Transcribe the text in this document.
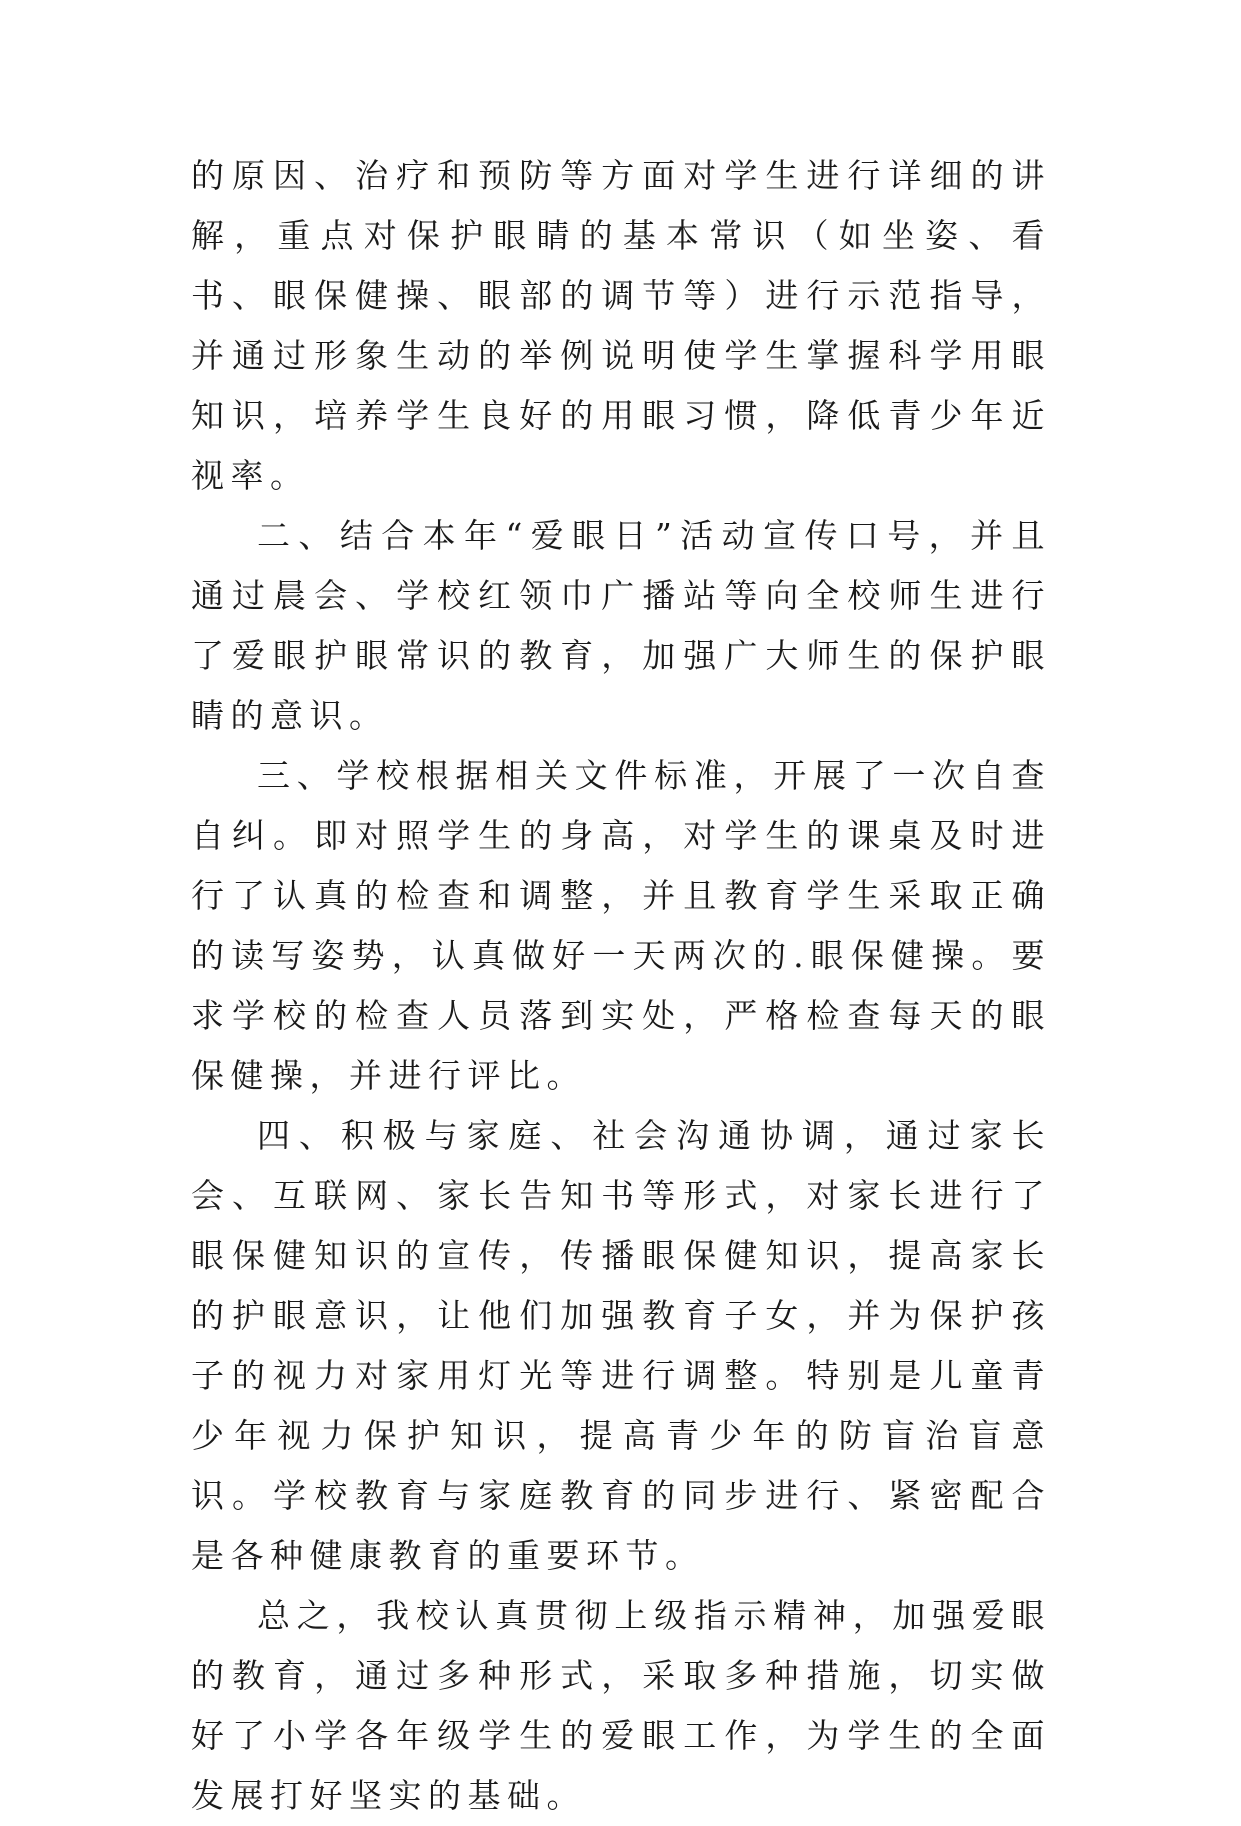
的原因、治疗和预防等方面对学生进行详细的讲解，重点对保护眼睛的基本常识（如坐姿、看书、眼保健操、眼部的调节等）进行示范指导，并通过形象生动的举例说明使学生掌握科学用眼知识，培养学生良好的用眼习惯，降低青少年近视率。

二、结合本年“爱眼日”活动宣传口号，并且通过晨会、学校红领巾广播站等向全校师生进行了爱眼护眼常识的教育，加强广大师生的保护眼睛的意识。

三、学校根据相关文件标准，开展了一次自查自纠。即对照学生的身高，对学生的课桌及时进行了认真的检查和调整，并且教育学生采取正确的读写姿势，认真做好一天两次的.眼保健操。要求学校的检查人员落到实处，严格检查每天的眼保健操，并进行评比。

四、积极与家庭、社会沟通协调，通过家长会、互联网、家长告知书等形式，对家长进行了眼保健知识的宣传，传播眼保健知识，提高家长的护眼意识，让他们加强教育子女，并为保护孩子的视力对家用灯光等进行调整。特别是儿童青少年视力保护知识，提高青少年的防盲治盲意识。学校教育与家庭教育的同步进行、紧密配合是各种健康教育的重要环节。

总之，我校认真贯彻上级指示精神，加强爱眼的教育，通过多种形式，采取多种措施，切实做好了小学各年级学生的爱眼工作，为学生的全面发展打好坚实的基础。
